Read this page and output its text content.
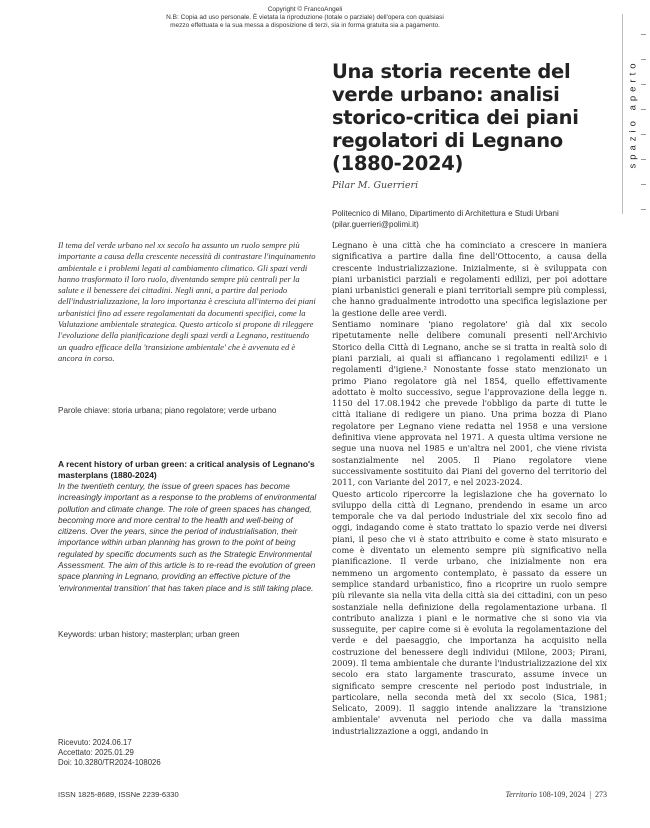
Copyright © FrancoAngeli
N.B: Copia ad uso personale. È vietata la riproduzione (totale o parziale) dell'opera con qualsiasi
mezzo effettuata e la sua messa a disposizione di terzi, sia in forma gratuita sia a pagamento.
spazio aperto
Una storia recente del verde urbano: analisi storico-critica dei piani regolatori di Legnano (1880-2024)
Pilar M. Guerrieri
Politecnico di Milano, Dipartimento di Architettura e Studi Urbani
(pilar.guerrieri@polimi.it)

Il tema del verde urbano nel xx secolo ha assunto un ruolo sempre più importante a causa della crescente necessità di contrastare l'inquinamento ambientale e i problemi legati al cambiamento climatico. Gli spazi verdi hanno trasformato il loro ruolo, diventando sempre più centrali per la salute e il benessere dei cittadini. Negli anni, a partire dal periodo dell'industrializzazione, la loro importanza è cresciuta all'interno dei piani urbanistici fino ad essere regolamentati da documenti specifici, come la Valutazione ambientale strategica. Questo articolo si propone di rileggere l'evoluzione della pianificazione degli spazi verdi a Legnano, restituendo un quadro efficace della 'transizione ambientale' che è avvenuta ed è ancora in corso.

Parole chiave: storia urbana; piano regolatore; verde urbano

A recent history of urban green: a critical analysis of Legnano's masterplans (1880-2024)

In the twentieth century, the issue of green spaces has become increasingly important as a response to the problems of environmental pollution and climate change. The role of green spaces has changed, becoming more and more central to the health and well-being of citizens. Over the years, since the period of industrialisation, their importance within urban planning has grown to the point of being regulated by specific documents such as the Strategic Environmental Assessment. The aim of this article is to re-read the evolution of green space planning in Legnano, providing an effective picture of the 'environmental transition' that has taken place and is still taking place.

Keywords: urban history; masterplan; urban green

Ricevuto: 2024.06.17
Accettato: 2025.01.29
Doi: 10.3280/TR2024-108026

Legnano è una città che ha cominciato a crescere in maniera significativa a partire dalla fine dell'Ottocento, a causa della crescente industrializzazione. Inizialmente, si è sviluppata con piani urbanistici parziali e regolamenti edilizi, per poi adottare piani urbanistici generali e piani territoriali sempre più complessi, che hanno gradualmente introdotto una specifica legislazione per la gestione delle aree verdi.

Sentiamo nominare 'piano regolatore' già dal xix secolo ripetutamente nelle delibere comunali presenti nell'Archivio Storico della Città di Legnano, anche se si tratta in realtà solo di piani parziali, ai quali si affiancano i regolamenti edilizi¹ e i regolamenti d'igiene.² Nonostante fosse stato menzionato un primo Piano regolatore già nel 1854, quello effettivamente adottato è molto successivo, segue l'approvazione della legge n. 1150 del 17.08.1942 che prevede l'obbligo da parte di tutte le città italiane di redigere un piano. Una prima bozza di Piano regolatore per Legnano viene redatta nel 1958 e una versione definitiva viene approvata nel 1971. A questa ultima versione ne segue una nuova nel 1985 e un'altra nel 2001, che viene rivista sostanzialmente nel 2005. Il Piano regolatore viene successivamente sostituito dai Piani del governo del territorio del 2011, con Variante del 2017, e nel 2023-2024.

Questo articolo ripercorre la legislazione che ha governato lo sviluppo della città di Legnano, prendendo in esame un arco temporale che va dal periodo industriale del xix secolo fino ad oggi, indagando come è stato trattato lo spazio verde nei diversi piani, il peso che vi è stato attribuito e come è stato misurato e come è diventato un elemento sempre più significativo nella pianificazione. Il verde urbano, che inizialmente non era nemmeno un argomento contemplato, è passato da essere un semplice standard urbanistico, fino a ricoprire un ruolo sempre più rilevante sia nella vita della città sia dei cittadini, con un peso sostanziale nella definizione della regolamentazione urbana. Il contributo analizza i piani e le normative che si sono via via susseguite, per capire come si è evoluta la regolamentazione del verde e del paesaggio, che importanza ha acquisito nella costruzione del benessere degli individui (Milone, 2003; Pirani, 2009). Il tema ambientale che durante l'industrializzazione del xix secolo era stato largamente trascurato, assume invece un significato sempre crescente nel periodo post industriale, in particolare, nella seconda metà del xx secolo (Sica, 1981; Selicato, 2009). Il saggio intende analizzare la 'transizione ambientale' avvenuta nel periodo che va dalla massima industrializzazione a oggi, andando in

ISSN 1825-8689, ISSNe 2239-6330	Territorio 108-109, 2024  |  273
